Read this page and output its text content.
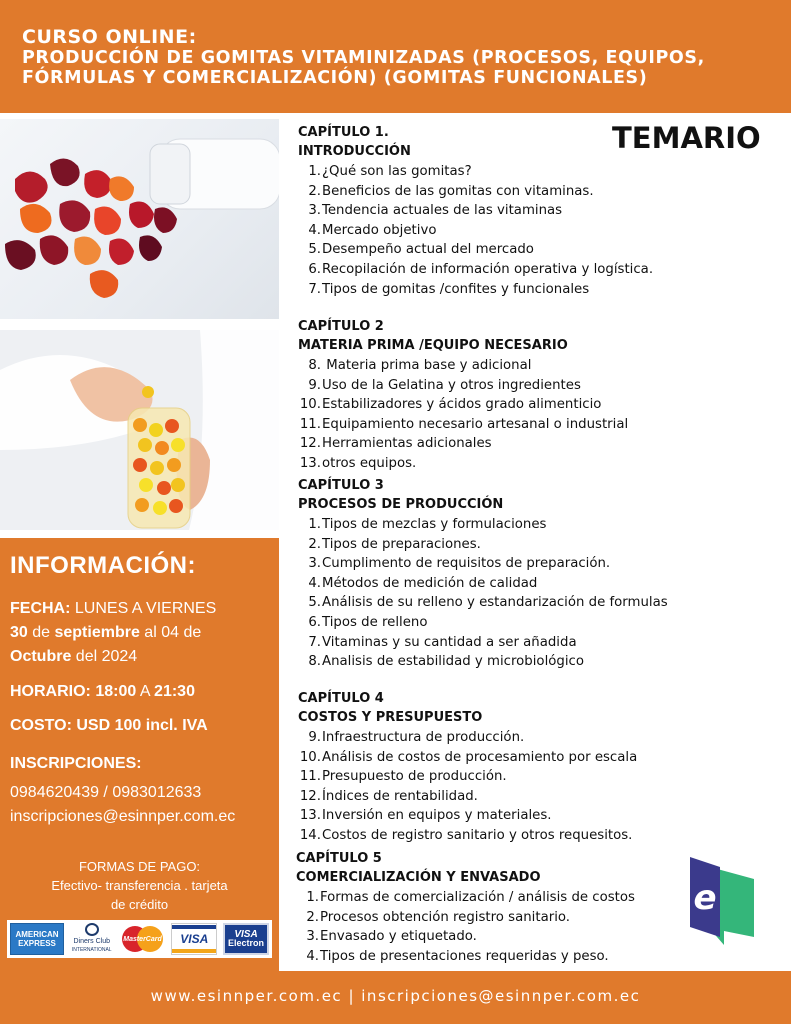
CURSO ONLINE:
PRODUCCIÓN DE GOMITAS VITAMINIZADAS (PROCESOS, EQUIPOS,
FÓRMULAS Y COMERCIALIZACIÓN) (GOMITAS FUNCIONALES)
INFORMACIÓN:
FECHA: LUNES A VIERNES
30 de septiembre al 04 de
Octubre del 2024
HORARIO: 18:00 A 21:30
COSTO: USD 100 incl. IVA
INSCRIPCIONES:
0984620439 / 0983012633
inscripciones@esinnper.com.ec
FORMAS DE PAGO:
Efectivo- transferencia . tarjeta
de crédito
AMERICAN EXPRESS	Diners Club
INTERNATIONAL
MasterCard VISA	VISA
Electron
TEMARIO
CAPÍTULO 1.
INTRODUCCIÓN
1. ¿Qué son las gomitas?
2. Beneficios de las gomitas con vitaminas.
3. Tendencia actuales de las vitaminas
4. Mercado objetivo
5. Desempeño actual del mercado
6. Recopilación de información operativa y logística.
7. Tipos de gomitas /confites y funcionales
CAPÍTULO 2
MATERIA PRIMA /EQUIPO NECESARIO
8. Materia prima base y adicional
9. Uso de la Gelatina y otros ingredientes
10. Estabilizadores y ácidos grado alimenticio
11. Equipamiento necesario artesanal o industrial
12. Herramientas adicionales
13. otros equipos.
CAPÍTULO 3
PROCESOS DE PRODUCCIÓN
1. Tipos de mezclas y formulaciones
2. Tipos de preparaciones.
3. Cumplimento de requisitos de preparación.
4. Métodos de medición de calidad
5. Análisis de su relleno y estandarización de formulas
6. Tipos de relleno
7. Vitaminas y su cantidad a ser añadida
8. Analisis de estabilidad y microbiológico
CAPÍTULO 4
COSTOS Y PRESUPUESTO
9. Infraestructura de producción.
10. Análisis de costos de procesamiento por escala
11. Presupuesto de producción.
12. Índices de rentabilidad.
13. Inversión en equipos y materiales.
14. Costos de registro sanitario y otros requesitos.
CAPÍTULO 5
COMERCIALIZACIÓN Y ENVASADO
1. Formas de comercialización / análisis de costos
2. Procesos obtención registro sanitario.
3. Envasado y etiquetado.
4. Tipos de presentaciones requeridas y peso.
e
www.esinnper.com.ec | inscripciones@esinnper.com.ec
